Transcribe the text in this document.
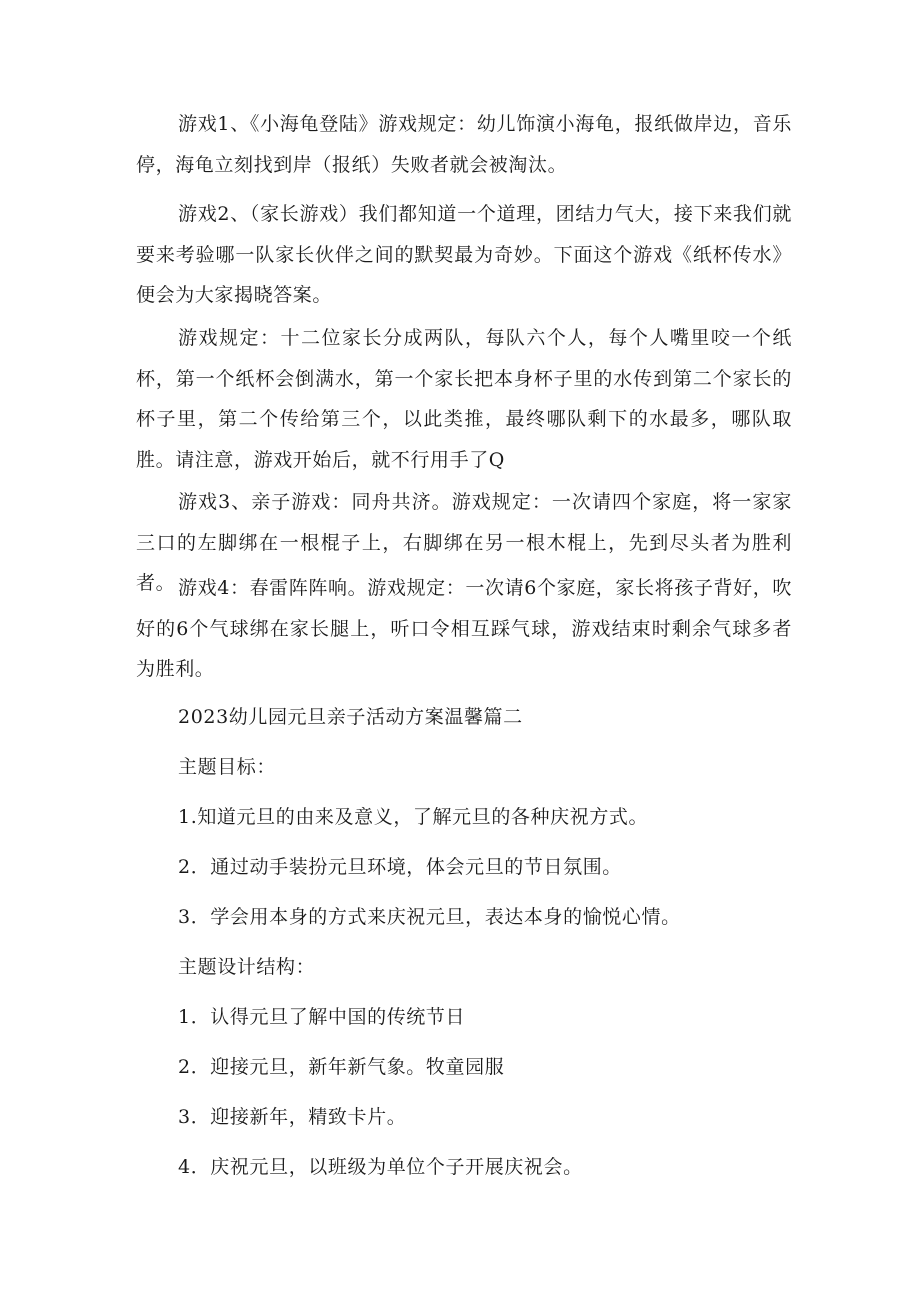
游戏1、《小海龟登陆》游戏规定：幼儿饰演小海龟，报纸做岸边，音乐停，海龟立刻找到岸（报纸）失败者就会被淘汰。

游戏2、（家长游戏）我们都知道一个道理，团结力气大，接下来我们就要来考验哪一队家长伙伴之间的默契最为奇妙。下面这个游戏《纸杯传水》便会为大家揭晓答案。

游戏规定：十二位家长分成两队，每队六个人，每个人嘴里咬一个纸杯，第一个纸杯会倒满水，第一个家长把本身杯子里的水传到第二个家长的杯子里，第二个传给第三个，以此类推，最终哪队剩下的水最多，哪队取胜。请注意，游戏开始后，就不行用手了Q

游戏3、亲子游戏：同舟共济。游戏规定：一次请四个家庭，将一家家三口的左脚绑在一根棍子上，右脚绑在另一根木棍上，先到尽头者为胜利者。 游戏4：春雷阵阵响。游戏规定：一次请6个家庭，家长将孩子背好，吹好的6个气球绑在家长腿上，听口令相互踩气球，游戏结束时剩余气球多者为胜利。

2023幼儿园元旦亲子活动方案温馨篇二

主题目标：

1.知道元旦的由来及意义，了解元旦的各种庆祝方式。

2．通过动手装扮元旦环境，体会元旦的节日氛围。

3．学会用本身的方式来庆祝元旦，表达本身的愉悦心情。

主题设计结构：

1．认得元旦了解中国的传统节日

2．迎接元旦，新年新气象。牧童园服

3．迎接新年，精致卡片。

4．庆祝元旦，以班级为单位个子开展庆祝会。
